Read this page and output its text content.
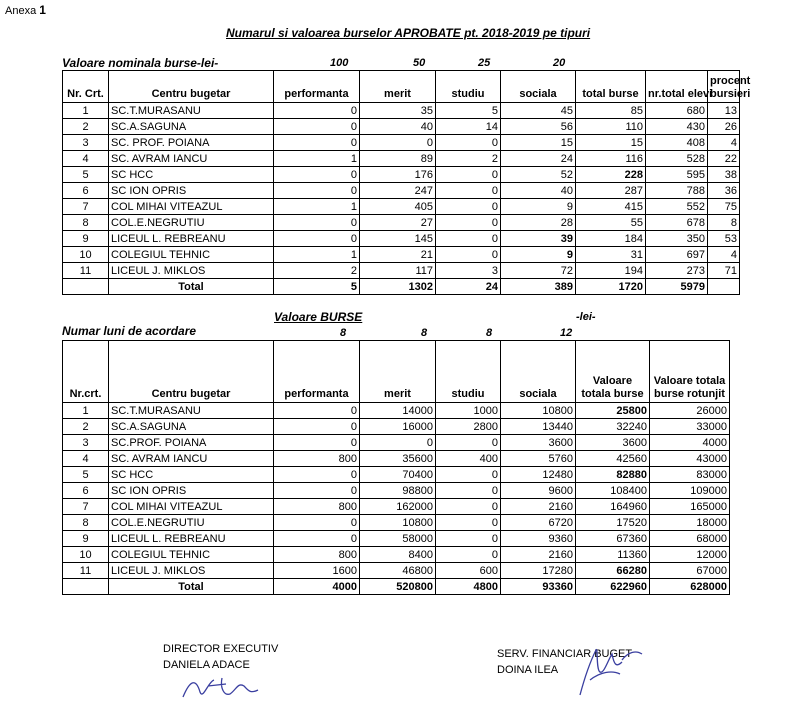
Anexa 1
Numarul si valoarea burselor APROBATE pt. 2018-2019 pe tipuri
Valoare nominala burse-lei-	100	50	25	20
Nr. Crt.	Centru bugetar	performanta	merit	studiu	sociala	total burse	nr.total elevi	procent bursieri
1	SC.T.MURASANU	0	35	5	45	85	680	13
2	SC.A.SAGUNA	0	40	14	56	110	430	26
3	SC. PROF. POIANA	0	0	0	15	15	408	4
4	SC. AVRAM IANCU	1	89	2	24	116	528	22
5	SC HCC	0	176	0	52	228	595	38
6	SC ION OPRIS	0	247	0	40	287	788	36
7	COL MIHAI VITEAZUL	1	405	0	9	415	552	75
8	COL.E.NEGRUTIU	0	27	0	28	55	678	8
9	LICEUL L. REBREANU	0	145	0	39	184	350	53
10	COLEGIUL TEHNIC	1	21	0	9	31	697	4
11	LICEUL J. MIKLOS	2	117	3	72	194	273	71
	Total	5	1302	24	389	1720	5979	
Valoare BURSE	-lei-
Numar luni de acordare	8	8	8	12
Nr.crt.	Centru bugetar	performanta	merit	studiu	sociala	Valoare totala burse	Valoare totala burse rotunjit
1	SC.T.MURASANU	0	14000	1000	10800	25800	26000
2	SC.A.SAGUNA	0	16000	2800	13440	32240	33000
3	SC.PROF. POIANA	0	0	0	3600	3600	4000
4	SC. AVRAM IANCU	800	35600	400	5760	42560	43000
5	SC HCC	0	70400	0	12480	82880	83000
6	SC ION OPRIS	0	98800	0	9600	108400	109000
7	COL MIHAI VITEAZUL	800	162000	0	2160	164960	165000
8	COL.E.NEGRUTIU	0	10800	0	6720	17520	18000
9	LICEUL L. REBREANU	0	58000	0	9360	67360	68000
10	COLEGIUL TEHNIC	800	8400	0	2160	11360	12000
11	LICEUL J. MIKLOS	1600	46800	600	17280	66280	67000
	Total	4000	520800	4800	93360	622960	628000
DIRECTOR EXECUTIV
DANIELA ADACE
SERV. FINANCIAR BUGET
DOINA ILEA
